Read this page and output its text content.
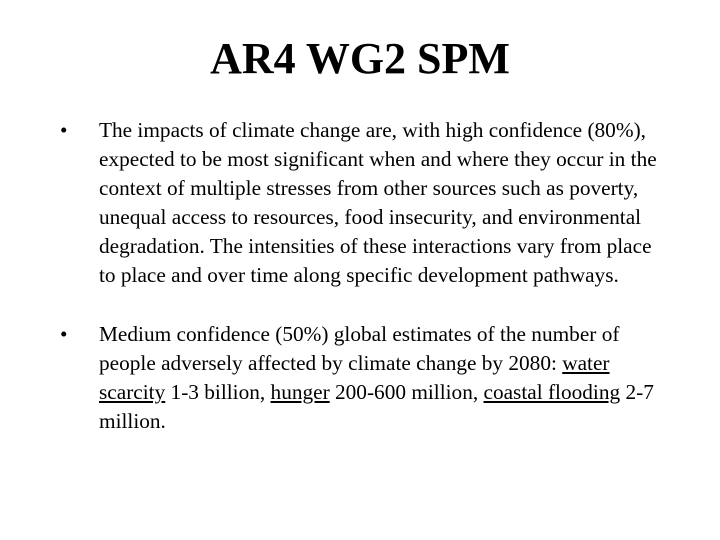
AR4 WG2 SPM
• The impacts of climate change are, with high confidence (80%), expected to be most significant when and where they occur in the context of multiple stresses from other sources such as poverty, unequal access to resources, food insecurity, and environmental degradation. The intensities of these interactions vary from place to place and over time along specific development pathways.
• Medium confidence (50%) global estimates of the number of people adversely affected by climate change by 2080: water scarcity 1-3 billion, hunger 200-600 million, coastal flooding 2-7 million.
